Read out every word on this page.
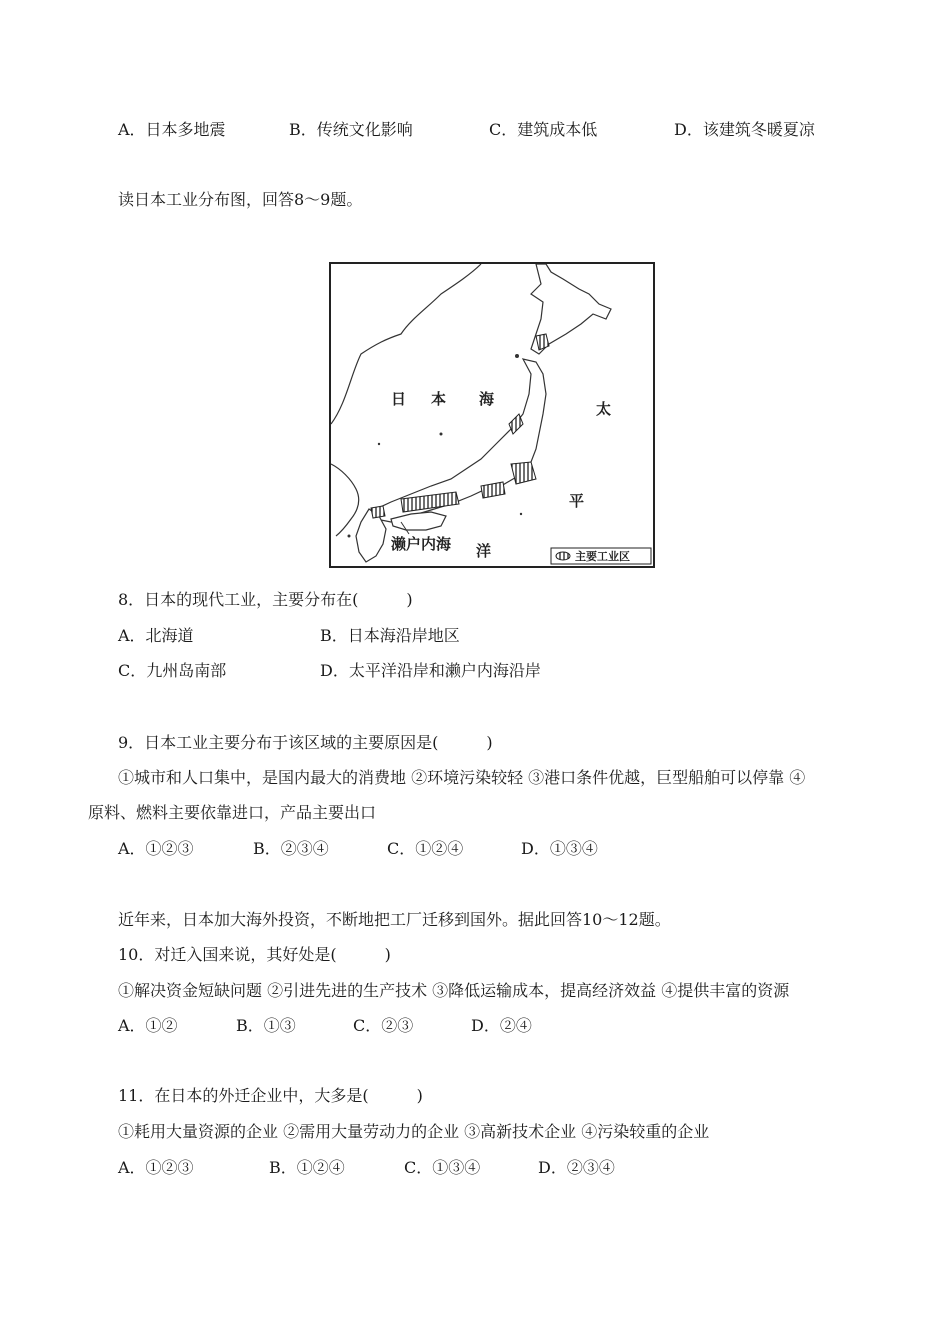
A．日本多地震	B．传统文化影响	C．建筑成本低	D．该建筑冬暖夏凉
读日本工业分布图，回答8～9题。
日 本 海
太
平
洋
濑户内海
主要工业区
8．日本的现代工业，主要分布在(　　　)
A．北海道	B．日本海沿岸地区
C．九州岛南部	D．太平洋沿岸和濑户内海沿岸
9．日本工业主要分布于该区域的主要原因是(　　　)
①城市和人口集中，是国内最大的消费地 ②环境污染较轻 ③港口条件优越，巨型船舶可以停靠 ④
原料、燃料主要依靠进口，产品主要出口
A．①②③	B．②③④	C．①②④	D．①③④
近年来，日本加大海外投资，不断地把工厂迁移到国外。据此回答10～12题。
10．对迁入国来说，其好处是(　　　)
①解决资金短缺问题 ②引进先进的生产技术 ③降低运输成本，提高经济效益 ④提供丰富的资源
A．①②	B．①③	C．②③	D．②④
11．在日本的外迁企业中，大多是(　　　)
①耗用大量资源的企业 ②需用大量劳动力的企业 ③高新技术企业 ④污染较重的企业
A．①②③	B．①②④	C．①③④	D．②③④
